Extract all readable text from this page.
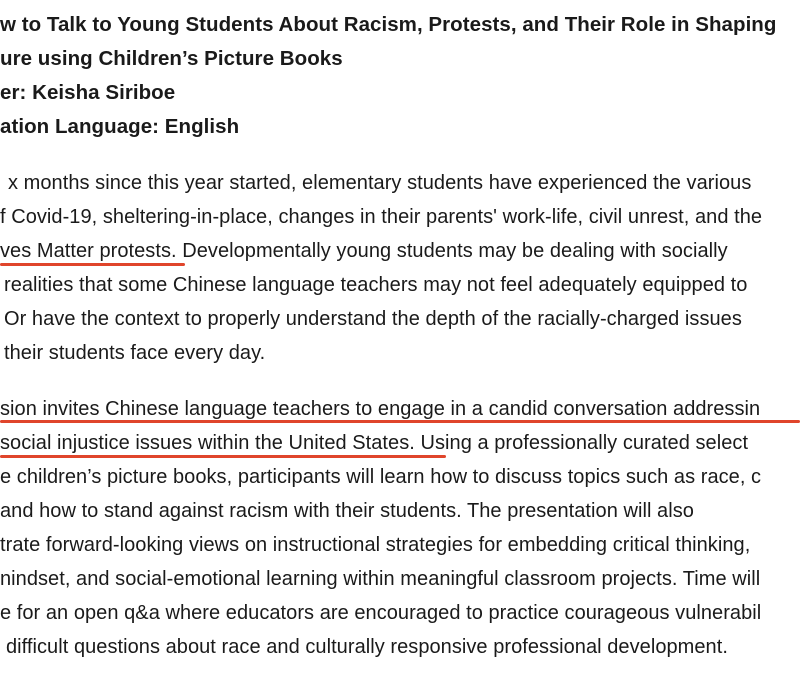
w to Talk to Young Students About Racism, Protests, and Their Role in Shaping
ure using Children’s Picture Books
er: Keisha Siriboe
ation Language: English
x months since this year started, elementary students have experienced the various
f Covid-19, sheltering-in-place, changes in their parents' work-life, civil unrest, and the
ves Matter protests. Developmentally young students may be dealing with socially
realities that some Chinese language teachers may not feel adequately equipped to
Or have the context to properly understand the depth of the racially-charged issues
their students face every day.
sion invites Chinese language teachers to engage in a candid conversation addressin
social injustice issues within the United States. Using a professionally curated select
e children’s picture books, participants will learn how to discuss topics such as race, c
and how to stand against racism with their students. The presentation will also
trate forward-looking views on instructional strategies for embedding critical thinking,
nindset, and social-emotional learning within meaningful classroom projects. Time will
e for an open q&a where educators are encouraged to practice courageous vulnerabil
difficult questions about race and culturally responsive professional development.
